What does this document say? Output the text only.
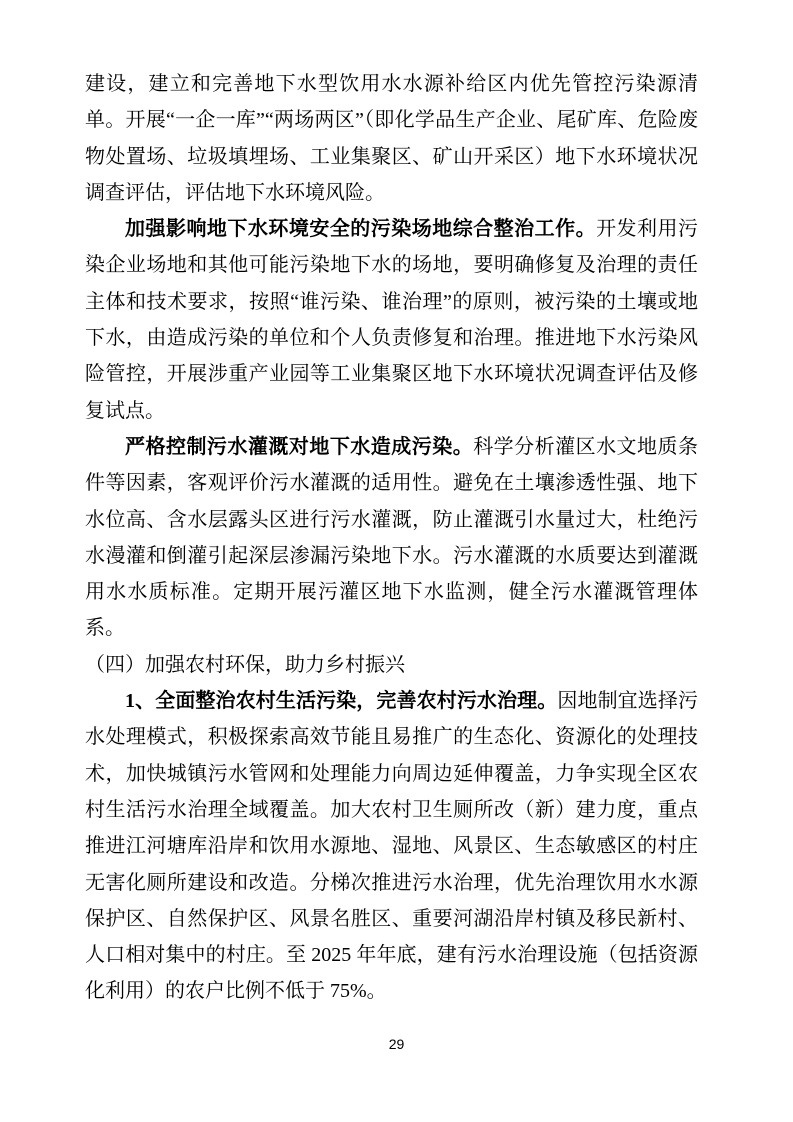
建设，建立和完善地下水型饮用水水源补给区内优先管控污染源清单。开展“一企一库”“两场两区”（即化学品生产企业、尾矿库、危险废物处置场、垃圾填埋场、工业集聚区、矿山开采区）地下水环境状况调查评估，评估地下水环境风险。

加强影响地下水环境安全的污染场地综合整治工作。开发利用污染企业场地和其他可能污染地下水的场地，要明确修复及治理的责任主体和技术要求，按照“谁污染、谁治理”的原则，被污染的土壤或地下水，由造成污染的单位和个人负责修复和治理。推进地下水污染风险管控，开展涉重产业园等工业集聚区地下水环境状况调查评估及修复试点。

严格控制污水灌溉对地下水造成污染。科学分析灌区水文地质条件等因素，客观评价污水灌溉的适用性。避免在土壤渗透性强、地下水位高、含水层露头区进行污水灌溉，防止灌溉引水量过大，杜绝污水漫灌和倒灌引起深层渗漏污染地下水。污水灌溉的水质要达到灌溉用水水质标准。定期开展污灌区地下水监测，健全污水灌溉管理体系。

（四）加强农村环保，助力乡村振兴

1、全面整治农村生活污染，完善农村污水治理。因地制宜选择污水处理模式，积极探索高效节能且易推广的生态化、资源化的处理技术，加快城镇污水管网和处理能力向周边延伸覆盖，力争实现全区农村生活污水治理全域覆盖。加大农村卫生厕所改（新）建力度，重点推进江河塘库沿岸和饮用水源地、湿地、风景区、生态敏感区的村庄无害化厕所建设和改造。分梯次推进污水治理，优先治理饮用水水源保护区、自然保护区、风景名胜区、重要河湖沿岸村镇及移民新村、人口相对集中的村庄。至 2025 年年底，建有污水治理设施（包括资源化利用）的农户比例不低于 75%。

29
